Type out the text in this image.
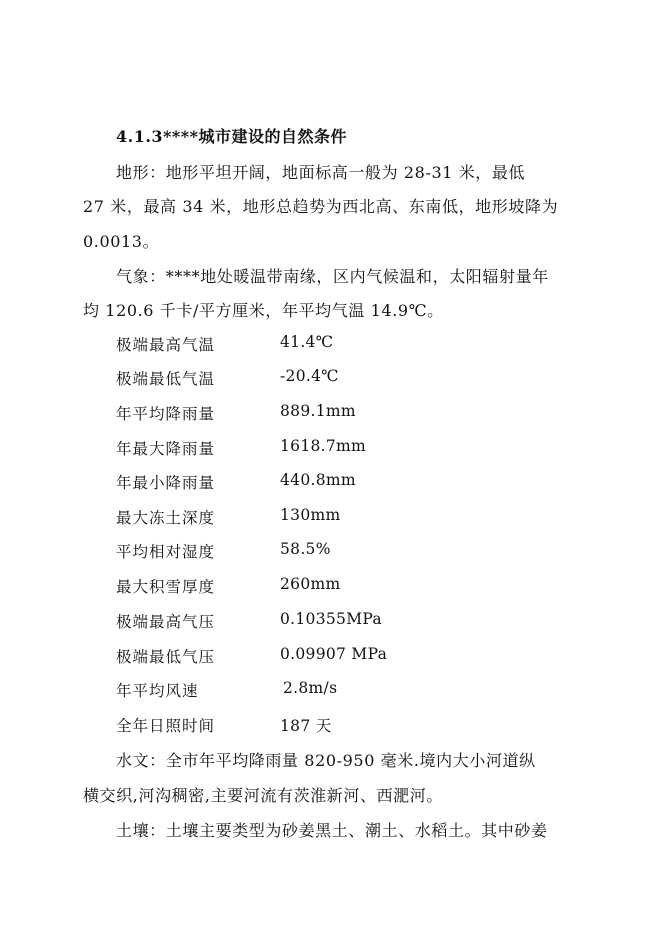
4.1.3****城市建设的自然条件
地形：地形平坦开阔，地面标高一般为 28-31 米，最低
27 米，最高 34 米，地形总趋势为西北高、东南低，地形坡降为
0.0013。
气象：****地处暖温带南缘，区内气候温和，太阳辐射量年
均 120.6 千卡/平方厘米，年平均气温 14.9℃。
极端最高气温	41.4℃
极端最低气温	-20.4℃
年平均降雨量	889.1mm
年最大降雨量	1618.7mm
年最小降雨量	440.8mm
最大冻土深度	130mm
平均相对湿度	58.5%
最大积雪厚度	260mm
极端最高气压	0.10355MPa
极端最低气压	0.09907 MPa
年平均风速	2.8m/s
全年日照时间	187 天
水文：全市年平均降雨量 820-950 毫米.境内大小河道纵
横交织,河沟稠密,主要河流有茨淮新河、西淝河。
土壤：土壤主要类型为砂姜黑土、潮土、水稻土。其中砂姜
